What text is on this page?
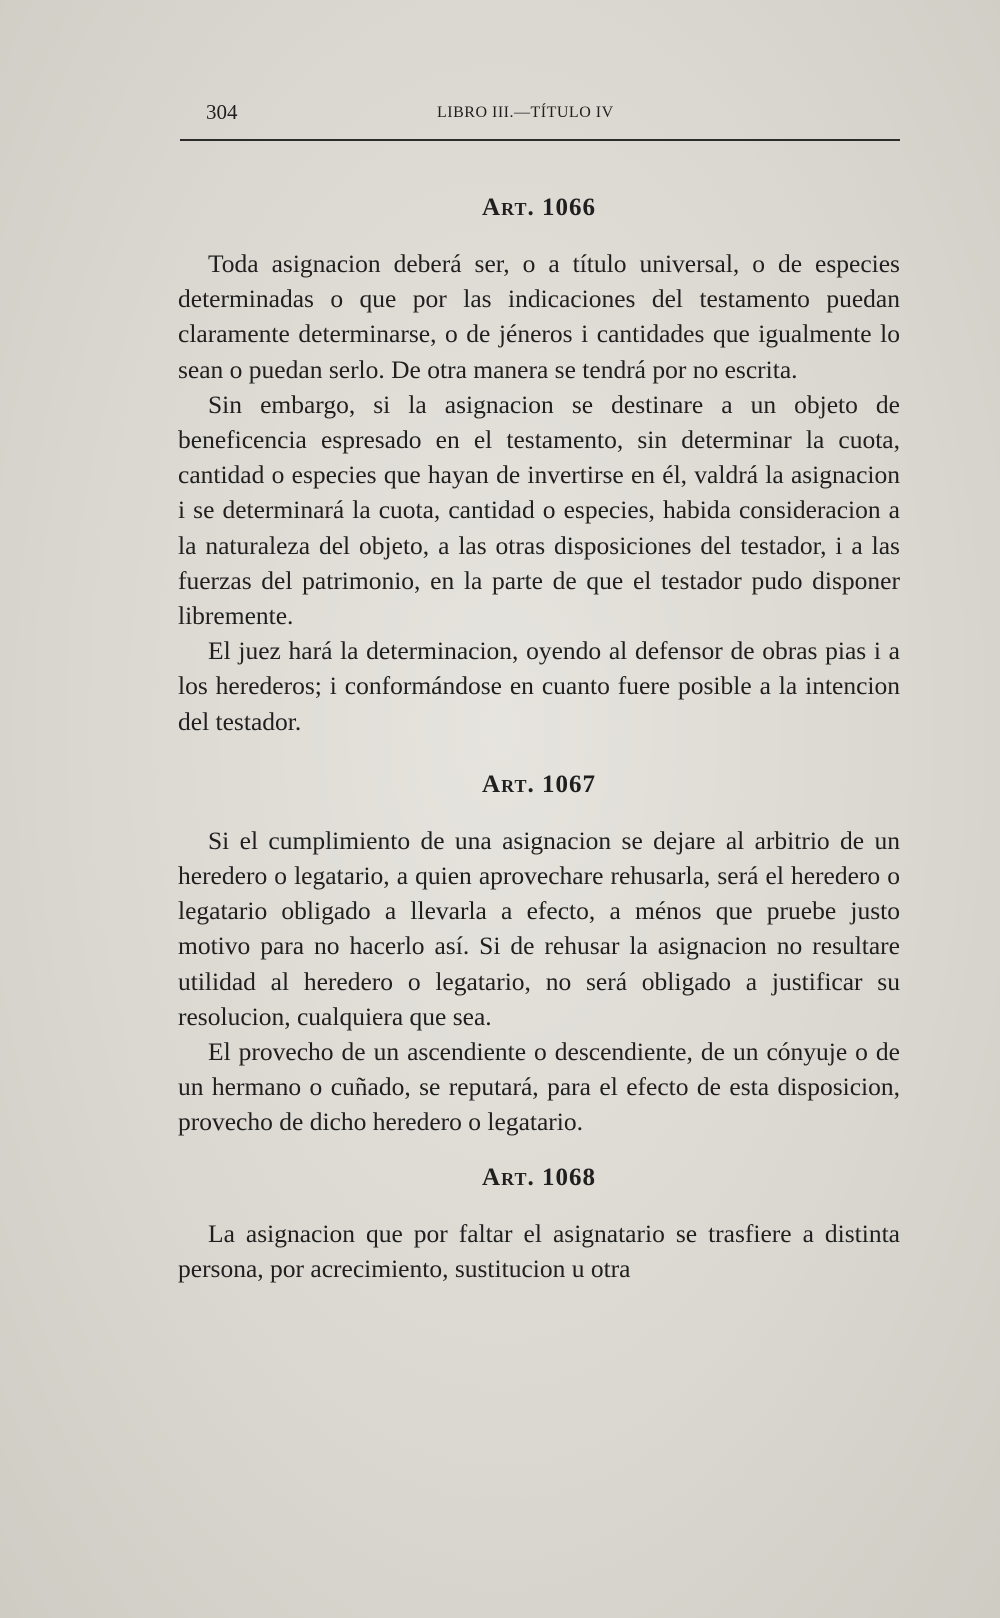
304	LIBRO III.—TÍTULO IV
Art. 1066

Toda asignacion deberá ser, o a título universal, o de especies determinadas o que por las indicaciones del testamento puedan claramente determinarse, o de jéneros i cantidades que igualmente lo sean o puedan serlo. De otra manera se tendrá por no escrita.

Sin embargo, si la asignacion se destinare a un objeto de beneficencia espresado en el testamento, sin determinar la cuota, cantidad o especies que hayan de invertirse en él, valdrá la asignacion i se determinará la cuota, cantidad o especies, habida consideracion a la naturaleza del objeto, a las otras disposiciones del testador, i a las fuerzas del patrimonio, en la parte de que el testador pudo disponer libremente.

El juez hará la determinacion, oyendo al defensor de obras pias i a los herederos; i conformándose en cuanto fuere posible a la intencion del testador.

Art. 1067

Si el cumplimiento de una asignacion se dejare al arbitrio de un heredero o legatario, a quien aprovechare rehusarla, será el heredero o legatario obligado a llevarla a efecto, a ménos que pruebe justo motivo para no hacerlo así. Si de rehusar la asignacion no resultare utilidad al heredero o legatario, no será obligado a justificar su resolucion, cualquiera que sea.

El provecho de un ascendiente o descendiente, de un cónyuje o de un hermano o cuñado, se reputará, para el efecto de esta disposicion, provecho de dicho heredero o legatario.

Art. 1068

La asignacion que por faltar el asignatario se trasfiere a distinta persona, por acrecimiento, sustitucion u otra
